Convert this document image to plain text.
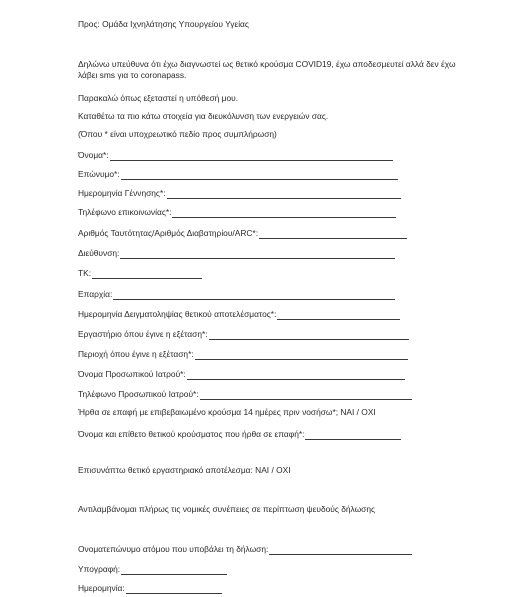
Προς: Ομάδα Ιχνηλάτησης Υπουργείου Υγείας
Δηλώνω υπεύθυνα ότι έχω διαγνωστεί ως θετικό κρούσμα COVID19, έχω αποδεσμευτεί αλλά δεν έχω λάβει sms για το coronapass.
Παρακαλώ όπως εξεταστεί η υπόθεσή μου.
Καταθέτω τα πιο κάτω στοιχεία για διευκόλυνση των ενεργειών σας.
(Όπου * είναι υποχρεωτικό πεδίο προς συμπλήρωση)
Όνομα*:
Επώνυμο*:
Ημερομηνία Γέννησης*:
Τηλέφωνο επικοινωνίας*:
Αριθμός Ταυτότητας/Αριθμός Διαβατηρίου/ARC*:
Διεύθυνση:
ΤΚ:
Επαρχία:
Ημερομηνία Δειγματοληψίας θετικού αποτελέσματος*:
Εργαστήριο όπου έγινε η εξέταση*:
Περιοχή όπου έγινε η εξέταση*:
Όνομα Προσωπικού Ιατρού*:
Τηλέφωνο Προσωπικού Ιατρού*:
Ήρθα σε επαφή με επιβεβαιωμένο κρούσμα 14 ημέρες πριν νοσήσω*; ΝΑΙ / ΟΧΙ
Όνομα και επίθετο θετικού κρούσματος που ήρθα σε επαφή*:
Επισυνάπτω θετικό εργαστηριακό αποτέλεσμα: ΝΑΙ / ΟΧΙ
Αντιλαμβάνομαι πλήρως τις νομικές συνέπειες σε περίπτωση ψευδούς δήλωσης
Ονοματεπώνυμο ατόμου που υποβάλει τη δήλωση:
Υπογραφή:
Ημερομηνία:
